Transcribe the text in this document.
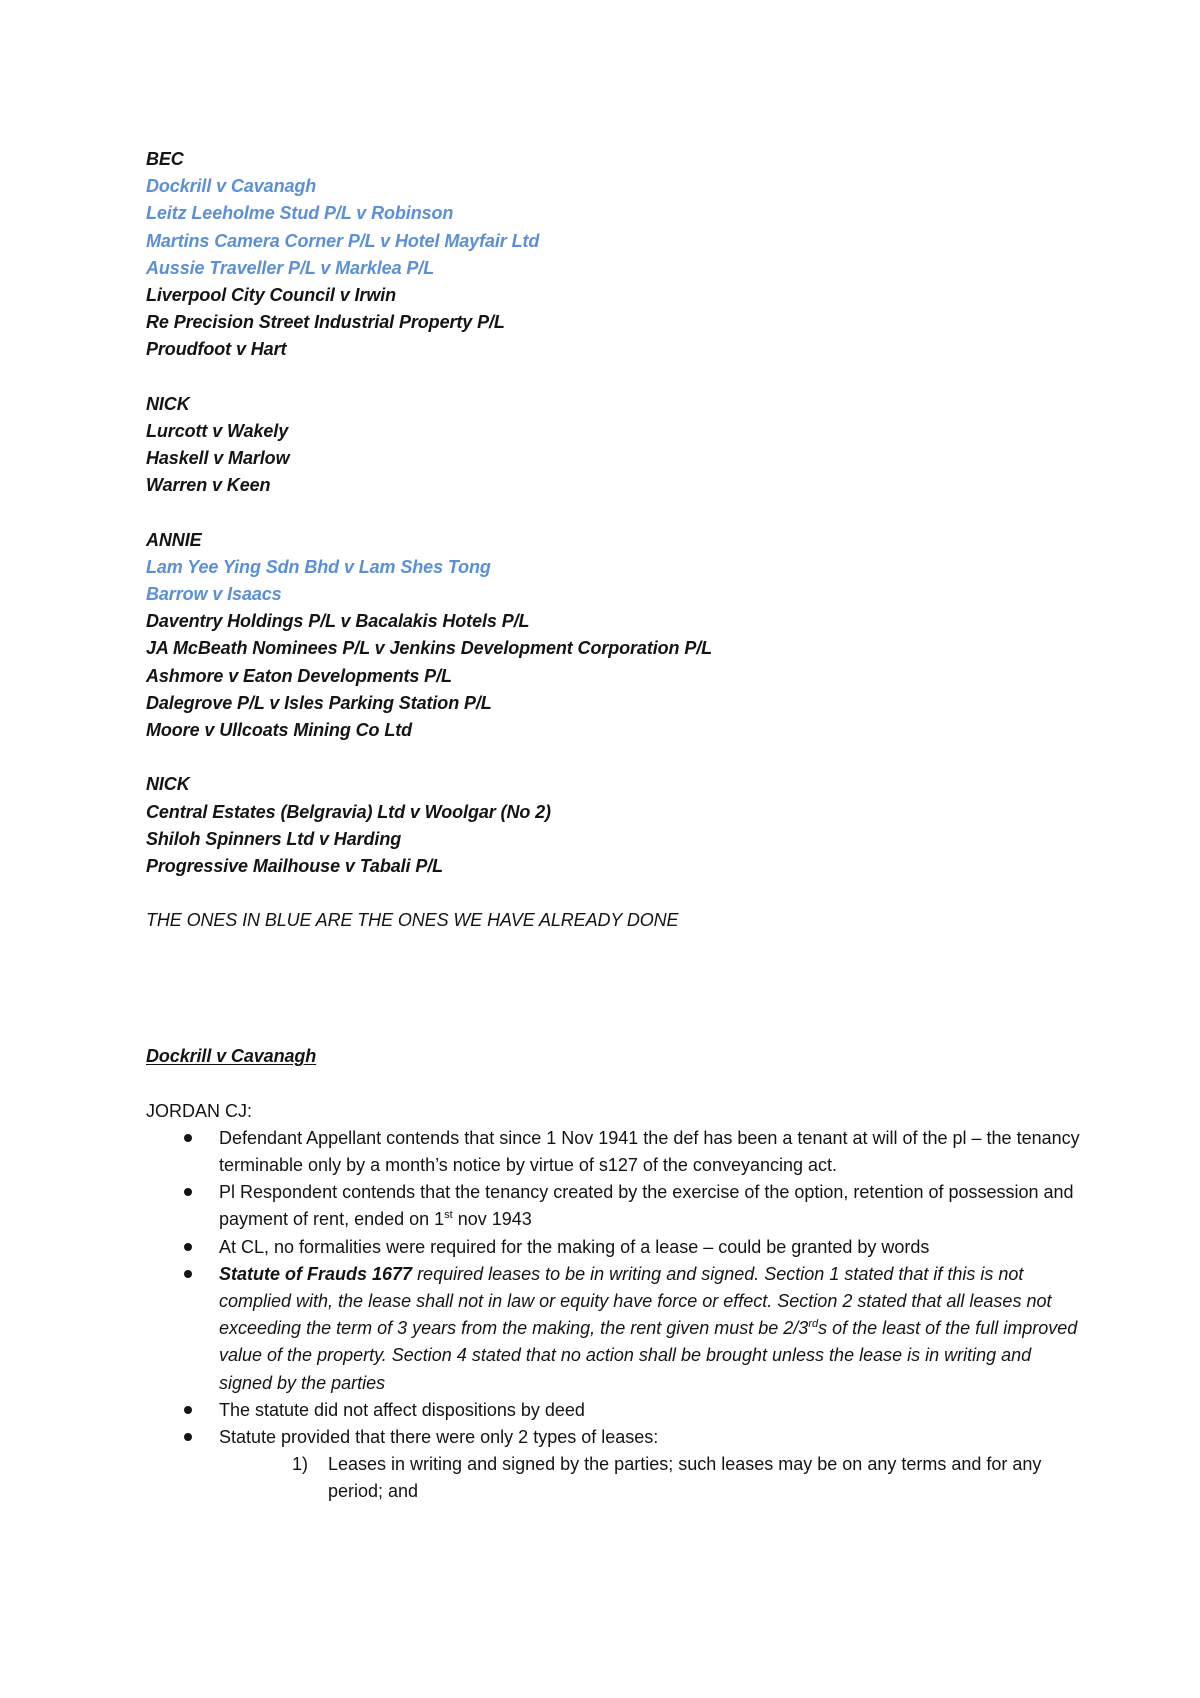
BEC
Dockrill v Cavanagh
Leitz Leeholme Stud P/L v Robinson
Martins Camera Corner P/L v Hotel Mayfair Ltd
Aussie Traveller P/L v Marklea P/L
Liverpool City Council v Irwin
Re Precision Street Industrial Property P/L
Proudfoot v Hart
NICK
Lurcott v Wakely
Haskell v Marlow
Warren v Keen
ANNIE
Lam Yee Ying Sdn Bhd v Lam Shes Tong
Barrow v Isaacs
Daventry Holdings P/L v Bacalakis Hotels P/L
JA McBeath Nominees P/L v Jenkins Development Corporation P/L
Ashmore v Eaton Developments P/L
Dalegrove P/L v Isles Parking Station P/L
Moore v Ullcoats Mining Co Ltd
NICK
Central Estates (Belgravia) Ltd v Woolgar (No 2)
Shiloh Spinners Ltd v Harding
Progressive Mailhouse v Tabali P/L
THE ONES IN BLUE ARE THE ONES WE HAVE ALREADY DONE
Dockrill v Cavanagh
JORDAN CJ:
Defendant Appellant contends that since 1 Nov 1941 the def has been a tenant at will of the pl – the tenancy terminable only by a month’s notice by virtue of s127 of the conveyancing act.
Pl Respondent contends that the tenancy created by the exercise of the option, retention of possession and payment of rent, ended on 1st nov 1943
At CL, no formalities were required for the making of a lease – could be granted by words
Statute of Frauds 1677 required leases to be in writing and signed. Section 1 stated that if this is not complied with, the lease shall not in law or equity have force or effect. Section 2 stated that all leases not exceeding the term of 3 years from the making, the rent given must be 2/3rds of the least of the full improved value of the property. Section 4 stated that no action shall be brought unless the lease is in writing and signed by the parties
The statute did not affect dispositions by deed
Statute provided that there were only 2 types of leases:
1) Leases in writing and signed by the parties; such leases may be on any terms and for any period; and
